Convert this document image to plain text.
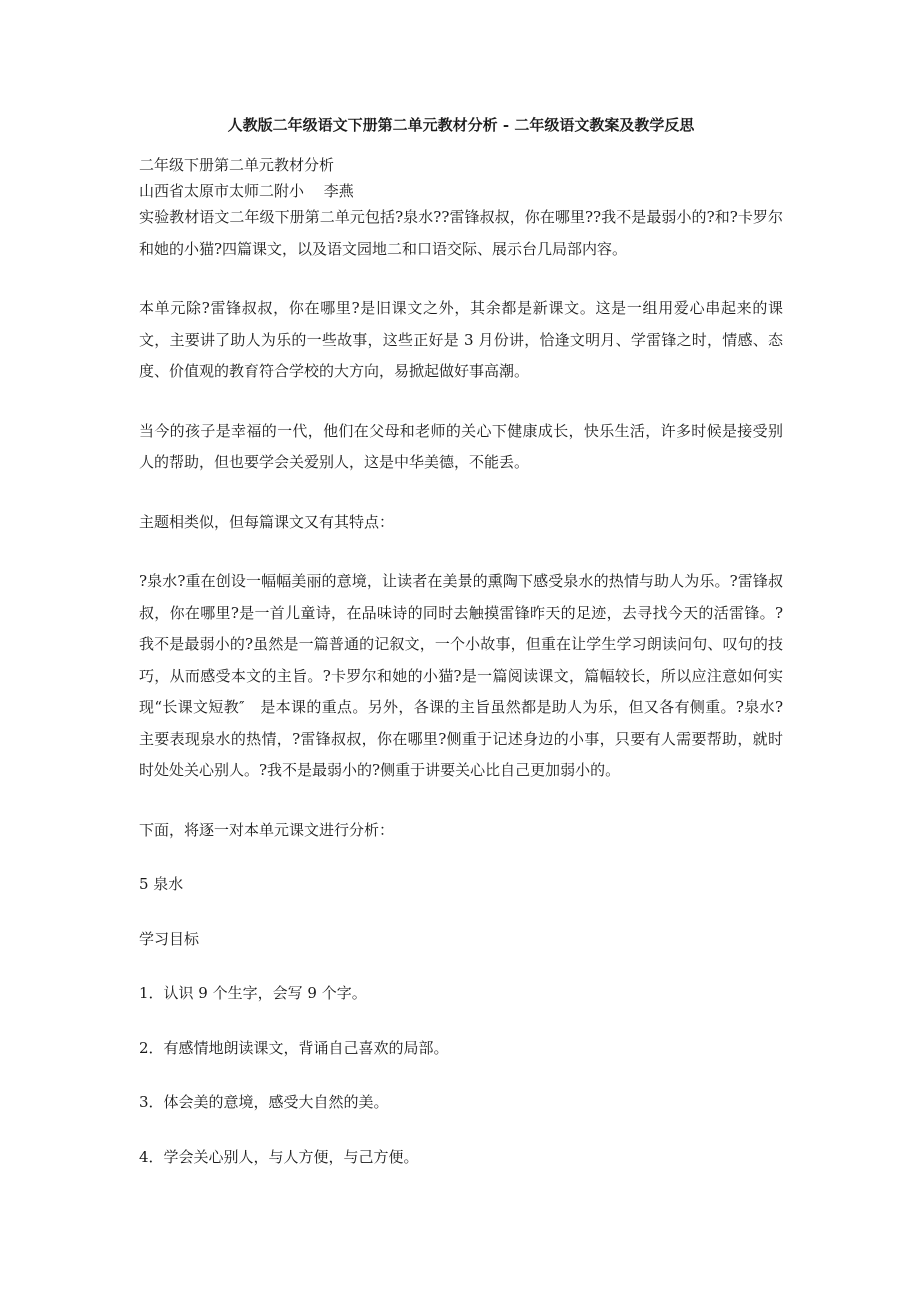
人教版二年级语文下册第二单元教材分析 - 二年级语文教案及教学反思

二年级下册第二单元教材分析

山西省太原市太师二附小　 李燕

实验教材语文二年级下册第二单元包括?泉水??雷锋叔叔，你在哪里??我不是最弱小的?和?卡罗尔和她的小猫?四篇课文，以及语文园地二和口语交际、展示台几局部内容。

本单元除?雷锋叔叔，你在哪里?是旧课文之外，其余都是新课文。这是一组用爱心串起来的课文，主要讲了助人为乐的一些故事，这些正好是 3 月份讲，恰逢文明月、学雷锋之时，情感、态度、价值观的教育符合学校的大方向，易掀起做好事高潮。

当今的孩子是幸福的一代，他们在父母和老师的关心下健康成长，快乐生活，许多时候是接受别人的帮助，但也要学会关爱别人，这是中华美德，不能丢。

主题相类似，但每篇课文又有其特点：

?泉水?重在创设一幅幅美丽的意境，让读者在美景的熏陶下感受泉水的热情与助人为乐。?雷锋叔叔，你在哪里?是一首儿童诗，在品味诗的同时去触摸雷锋昨天的足迹，去寻找今天的活雷锋。?我不是最弱小的?虽然是一篇普通的记叙文，一个小故事，但重在让学生学习朗读问句、叹句的技巧，从而感受本文的主旨。?卡罗尔和她的小猫?是一篇阅读课文，篇幅较长，所以应注意如何实现“长课文短教″　是本课的重点。另外，各课的主旨虽然都是助人为乐，但又各有侧重。?泉水?主要表现泉水的热情，?雷锋叔叔，你在哪里?侧重于记述身边的小事，只要有人需要帮助，就时时处处关心别人。?我不是最弱小的?侧重于讲要关心比自己更加弱小的。

下面，将逐一对本单元课文进行分析：

5 泉水

学习目标

1．认识 9 个生字，会写 9 个字。

2．有感情地朗读课文，背诵自己喜欢的局部。

3．体会美的意境，感受大自然的美。

4．学会关心别人，与人方便，与己方便。
